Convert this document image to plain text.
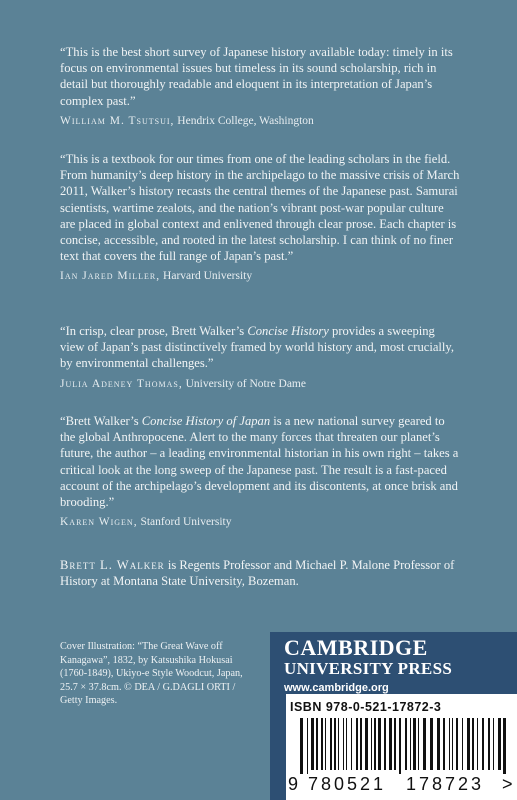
“This is the best short survey of Japanese history available today: timely in its focus on environmental issues but timeless in its sound scholarship, rich in detail but thoroughly readable and eloquent in its interpretation of Japan’s complex past.”

William M. Tsutsui, Hendrix College, Washington

“This is a textbook for our times from one of the leading scholars in the field. From humanity’s deep history in the archipelago to the massive crisis of March 2011, Walker’s history recasts the central themes of the Japanese past. Samurai scientists, wartime zealots, and the nation’s vibrant post-war popular culture are placed in global context and enlivened through clear prose. Each chapter is concise, accessible, and rooted in the latest scholarship. I can think of no finer text that covers the full range of Japan’s past.”

Ian Jared Miller, Harvard University

“In crisp, clear prose, Brett Walker’s Concise History provides a sweeping view of Japan’s past distinctively framed by world history and, most crucially, by environmental challenges.”

Julia Adeney Thomas, University of Notre Dame

“Brett Walker’s Concise History of Japan is a new national survey geared to the global Anthropocene. Alert to the many forces that threaten our planet’s future, the author – a leading environmental historian in his own right – takes a critical look at the long sweep of the Japanese past. The result is a fast-paced account of the archipelago’s development and its discontents, at once brisk and brooding.”

Karen Wigen, Stanford University
Brett L. Walker is Regents Professor and Michael P. Malone Professor of History at Montana State University, Bozeman.
Cover Illustration: “The Great Wave off Kanagawa”, 1832, by Katsushika Hokusai (1760-1849), Ukiyo-e Style Woodcut, Japan, 25.7 × 37.8cm. © DEA / G.DAGLI ORTI / Getty Images.
CAMBRIDGE
UNIVERSITY PRESS
www.cambridge.org
ISBN 978-0-521-17872-3
9 780521 178723 >
